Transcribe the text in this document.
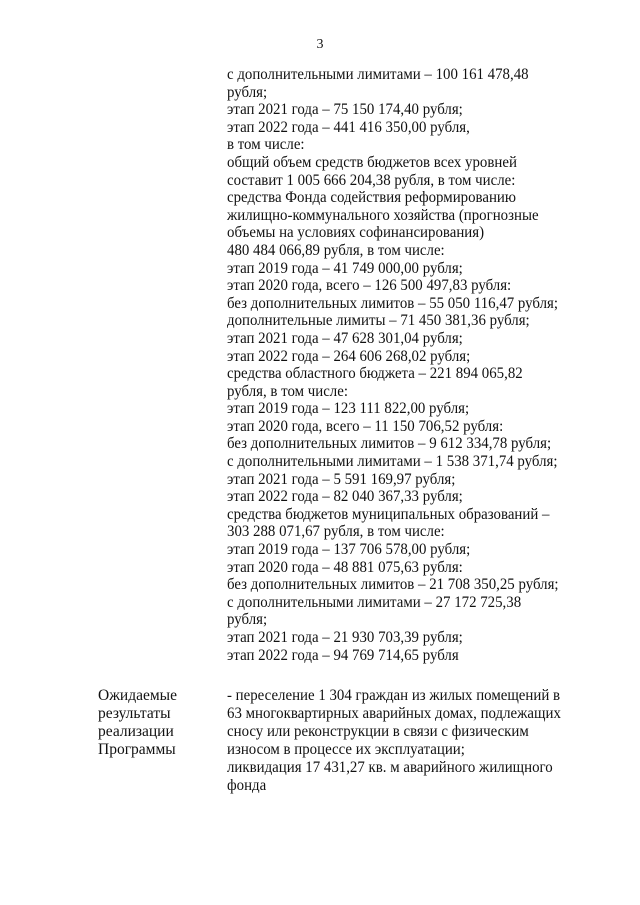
3
с дополнительными лимитами – 100 161 478,48
рубля;
этап 2021 года – 75 150 174,40 рубля;
этап 2022 года – 441 416 350,00 рубля,
в том числе:
общий объем средств бюджетов всех уровней
составит 1 005 666 204,38 рубля, в том числе:
средства Фонда содействия реформированию
жилищно-коммунального хозяйства (прогнозные
объемы на условиях софинансирования)
480 484 066,89 рубля, в том числе:
этап 2019 года – 41 749 000,00 рубля;
этап 2020 года, всего – 126 500 497,83 рубля:
без дополнительных лимитов – 55 050 116,47 рубля;
дополнительные лимиты – 71 450 381,36 рубля;
этап 2021 года – 47 628 301,04 рубля;
этап 2022 года – 264 606 268,02 рубля;
средства областного бюджета – 221 894 065,82
рубля, в том числе:
этап 2019 года – 123 111 822,00 рубля;
этап 2020 года, всего – 11 150 706,52 рубля:
без дополнительных лимитов – 9 612 334,78 рубля;
с дополнительными лимитами – 1 538 371,74 рубля;
этап 2021 года – 5 591 169,97 рубля;
этап 2022 года – 82 040 367,33 рубля;
средства бюджетов муниципальных образований –
303 288 071,67 рубля, в том числе:
этап 2019 года – 137 706 578,00 рубля;
этап 2020 года – 48 881 075,63 рубля:
без дополнительных лимитов – 21 708 350,25 рубля;
с дополнительными лимитами – 27 172 725,38
рубля;
этап 2021 года – 21 930 703,39 рубля;
этап 2022 года – 94 769 714,65 рубля
Ожидаемые
результаты
реализации
Программы
- переселение 1 304 граждан из жилых помещений в
63 многоквартирных аварийных домах, подлежащих
сносу или реконструкции в связи с физическим
износом в процессе их эксплуатации;
ликвидация 17 431,27 кв. м аварийного жилищного
фонда
